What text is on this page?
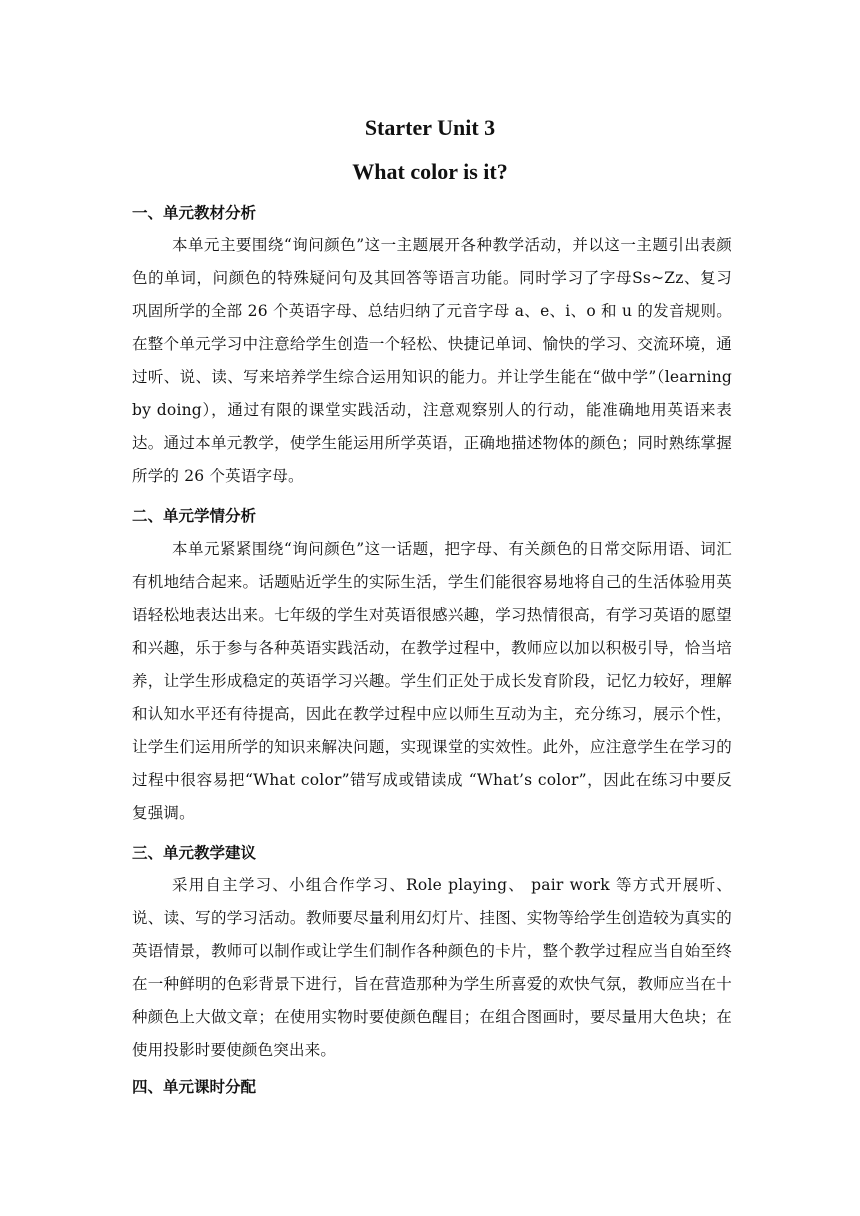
Starter Unit 3
What color is it?
一、单元教材分析

本单元主要围绕“询问颜色”这一主题展开各种教学活动，并以这一主题引出表颜色的单词，问颜色的特殊疑问句及其回答等语言功能。同时学习了字母Ss~Zz、复习巩固所学的全部 26 个英语字母、总结归纳了元音字母 a、e、i、o 和 u 的发音规则。在整个单元学习中注意给学生创造一个轻松、快捷记单词、愉快的学习、交流环境，通过听、说、读、写来培养学生综合运用知识的能力。并让学生能在“做中学”（learning by doing），通过有限的课堂实践活动，注意观察别人的行动，能准确地用英语来表达。通过本单元教学，使学生能运用所学英语，正确地描述物体的颜色；同时熟练掌握所学的 26 个英语字母。

二、单元学情分析

本单元紧紧围绕“询问颜色”这一话题，把字母、有关颜色的日常交际用语、词汇有机地结合起来。话题贴近学生的实际生活，学生们能很容易地将自己的生活体验用英语轻松地表达出来。七年级的学生对英语很感兴趣，学习热情很高，有学习英语的愿望和兴趣，乐于参与各种英语实践活动，在教学过程中，教师应以加以积极引导，恰当培养，让学生形成稳定的英语学习兴趣。学生们正处于成长发育阶段，记忆力较好，理解和认知水平还有待提高，因此在教学过程中应以师生互动为主，充分练习，展示个性，让学生们运用所学的知识来解决问题，实现课堂的实效性。此外，应注意学生在学习的过程中很容易把“What color”错写成或错读成 “What’s color”，因此在练习中要反复强调。

三、单元教学建议

采用自主学习、小组合作学习、Role playing、 pair work 等方式开展听、说、读、写的学习活动。教师要尽量利用幻灯片、挂图、实物等给学生创造较为真实的英语情景，教师可以制作或让学生们制作各种颜色的卡片，整个教学过程应当自始至终在一种鲜明的色彩背景下进行，旨在营造那种为学生所喜爱的欢快气氛，教师应当在十种颜色上大做文章；在使用实物时要使颜色醒目；在组合图画时，要尽量用大色块；在使用投影时要使颜色突出来。

四、单元课时分配
